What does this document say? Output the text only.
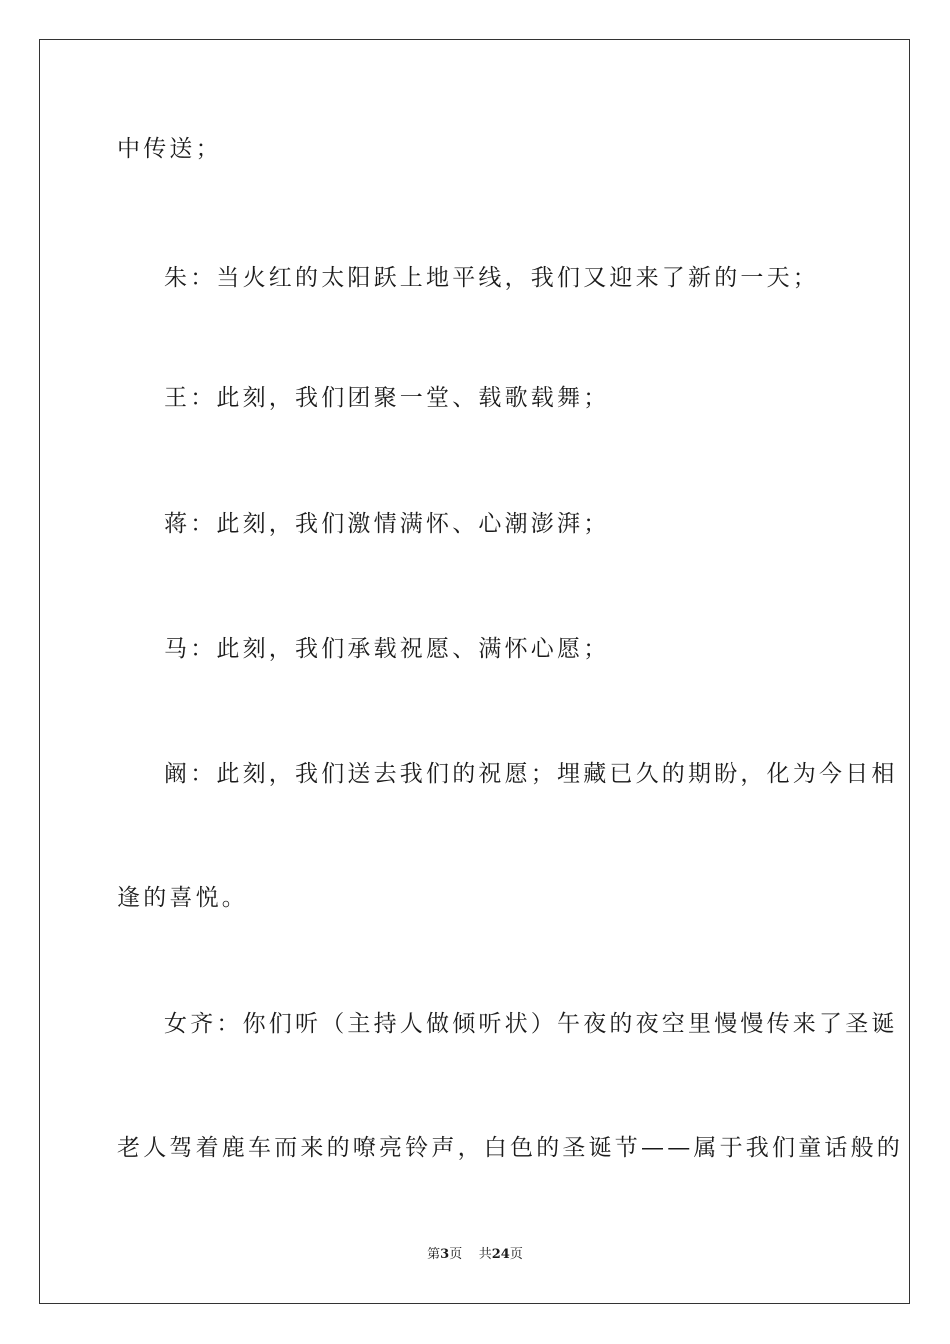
中传送；
朱：当火红的太阳跃上地平线，我们又迎来了新的一天；
王：此刻，我们团聚一堂、载歌载舞；
蒋：此刻，我们激情满怀、心潮澎湃；
马：此刻，我们承载祝愿、满怀心愿；
阚：此刻，我们送去我们的祝愿；埋藏已久的期盼，化为今日相
逢的喜悦。
女齐：你们听（主持人做倾听状）午夜的夜空里慢慢传来了圣诞
老人驾着鹿车而来的嘹亮铃声，白色的圣诞节——属于我们童话般的
第3页 共24页
